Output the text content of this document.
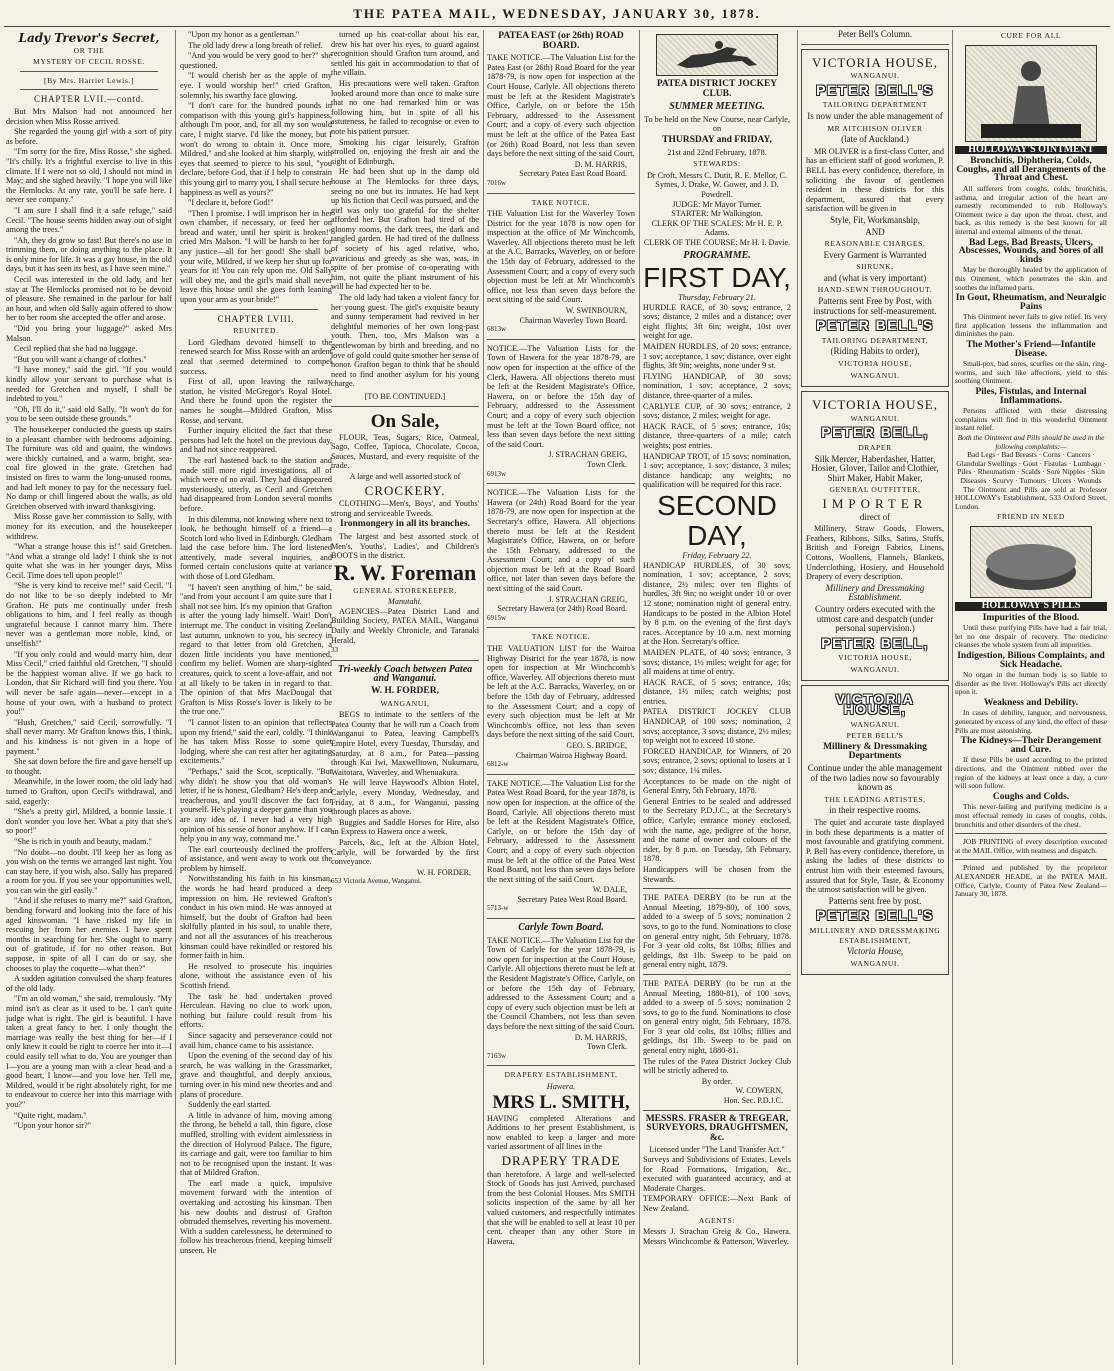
THE PATEA MAIL, WEDNESDAY, JANUARY 30, 1878.
Lady Trevor's Secret,
OR THE
MYSTERY OF CECIL ROSSE.
[By Mrs. Harriet Lewis.]
CHAPTER LVII.—contd.

But Mrs Malson had not announced her decision when Miss Rosse arrived.

She regarded the young girl with a sort of pity as before.

"I'm sorry for the fire, Miss Rosse," she sighed. "It's chilly. It's a frightful exercise to live in this climate. If I were not so old, I should not mind in May; and she sighed heavily. "I hope you will like the Hemlocks. At any rate, you'll be safe here. I never see company."

"I am sure I shall find it a safe refuge," said Cecil. "The house seems hidden away out of sight among the trees."

"Ah, they do grow so fast! But there's no use in trimming them, or doing anything to the place. It is only mine for life. It was a gay house, in the old days, but it has seen its best, as I have seen mine."

Cecil was interested in the old lady, and her stay at The Hemlocks promised not to be devoid of pleasure. She remained in the parlour for half an hour, and when old Sally again offered to show her to her room she accepted the offer and arose.

"Did you bring your luggage?" asked Mrs Malson.

Cecil replied that she had no luggage.

"But you will want a change of clothes."

"I have money," said the girl. "If you would kindly allow your servant to purchase what is needed for Gretchen and myself, I shall be indebted to you."

"Oh, I'll do it," said old Sally. "It won't do for you to be seen outside these grounds."

The housekeeper conducted the guests up stairs to a pleasant chamber with bedrooms adjoining. The furniture was old and quaint, the windows were thickly curtained, and a warm, bright, sea-coal fire glowed in the grate. Gretchen had insisted on fires to warm the long-unused rooms, and had left money to pay for the necessary fuel. No damp or chill lingered about the walls, as old Gretchen observed with inward thanksgiving.

Miss Rosse gave her commission to Sally, with money for its execution, and the housekeeper withdrew.

"What a strange house this is!" said Gretchen. "And what a strange old lady! I think she is not quite what she was in her younger days, Miss Cecil. Time does tell upon people!"

"She is very kind to receive me!" said Cecil. "I do not like to be so deeply indebted to Mr Grafton. He puts me continually under fresh obligations to him, and I feel really as though ungrateful because I cannot marry him. There never was a gentleman more noble, kind, or unselfish!"

"If you only could and would marry him, dear Miss Cecil," cried faithful old Gretchen, "I should be the happiest woman alive. If we go back to London, that Sir Richard will find you there. You will never be safe again—never—except in a house of your own, with a husband to protect you!"

"Hush, Gretchen," said Cecil, sorrowfully. "I shall never marry. Mr Grafton knows this, I think, and his kindness is not given in a hope of payment."

She sat down before the fire and gave herself up to thought.

Meanwhile, in the lower room, the old lady had turned to Grafton, upon Cecil's withdrawal, and said, eagerly:

"She's a pretty girl, Mildred, a bonnie lassie. I don't wonder you love her. What a pity that she's so poor!"

"She is rich in youth and beauty, madam."

"No doubt—no doubt. I'll keep her as long as you wish on the terms we arranged last night. You can stay here, if you wish, also. Sally has prepared a room for you. If you see your opportunities well, you can win the girl easily."

"And if she refuses to marry me?" said Grafton, bending forward and looking into the face of his aged kinswoman. "I have risked my life in rescuing her from her enemies. I have spent months in searching for her. She ought to marry out of gratitude, if for no other reason. But suppose, in spite of all I can do or say, she chooses to play the coquette—what then?"

A sudden agitation convulsed the sharp features of the old lady.

"I'm an old woman," she said, tremulously. "My mind isn't as clear as it used to be. I can't quite judge what is right. The girl is beautiful. I have taken a great fancy to her. I only thought the marriage was really the best thing for her—if I only knew it could be right to coerce her into it—I could easily tell what to do. You are younger than I—you are a young man with a clear head and a good heart, I know—and you love her. Tell me, Mildred, would it be right absolutely right, for me to endeavour to coerce her into this marriage with you?"

"Quite right, madam."

"Upon your honor sir?"

"Upon my honor as a gentleman."

The old lady drew a long breath of relief.

"And you would be very good to her?" she questioned.

"I would cherish her as the apple of my eye. I would worship her!" cried Grafton, solemnly, his swarthy face glowing.

"I don't care for the hundred pounds in comparison with this young girl's happiness, although I'm poor, and, for all my son would care, I might starve. I'd like the money, but I won't do wrong to obtain it. Once more, Mildred," and she looked at him sharply, with eyes that seemed to pierce to his soul, "you declare, before God, that if I help to constrain this young girl to marry you, I shall secure her happiness as well as yours?"

"I declare it, before God!"

"Then I promise. I will imprison her in her own chamber, if necessary, or feed her on bread and water, until her spirit is broken!" cried Mrs Malson. "I will be harsh to her for any justice—all for her good! She shall be your wife, Mildred, if we keep her shut up for years for it! You can rely upon me. Old Sally will obey me, and the girl's maid shall never leave this house until she goes forth leaning upon your arm as your bride!"

CHAPTER LVIII.
REUNITED.

Lord Gledham devoted himself to the renewed search for Miss Rosse with an ardent zeal that seemed determined to compel success.

First of all, upon leaving the railway station, he visited McGregor's Royal Hotel. And there he found upon the register the names he sought—Mildred Grafton, Miss Rosse, and servant.

Further inquiry elicited the fact that these persons had left the hotel on the previous day, and had not since reappeared.

The earl hastened back to the station and made still more rigid investigations, all of which were of no avail. They had disappeared mysteriously, utterly, as Cecil and Gretchen had disappeared from London several months before.

In this dilemma, not knowing where next to look, he bethought himself of a friend—a Scotch lord who lived in Edinburgh. Gledham laid the case before him. The lord listened attentively, made several inquiries, and formed certain conclusions quite at variance with those of Lord Gledham.

"I haven't seen anything of him," he said, "and from your account I am quite sure that I shall not see him. It's my opinion that Grafton is after the young lady himself. Wait! Don't interrupt me. The conduct in visiting Zeeland last autumn, unknown to you, his secrecy in regard to that letter from old Gretchen, a dozen little incidents you have mentioned, confirm my belief. Women are sharp-sighted creatures, quick to scent a love-affair, and not at all likely to be taken in in regard to that. The opinion of that Mrs MacDougal that Grafton is Miss Rosse's lover is likely to be the true one."

"I cannot listen to an opinion that reflects upon my friend," said the earl, coldly. "I think he has taken Miss Rosse to some quiet lodging, where she can rest after her agitating excitements."

"Perhaps," said the Scot, sceptically. "But why didn't he show you that old woman's letter, if he is honest, Gledham? He's deep and treacherous, and you'll discover the fact for yourself. He's playing a deeper game than you are any idea of. I never had a very high opinion of his sense of honor anyhow. If I can help you in any way, command me."

The earl courteously declined the proffers of assistance, and went away to work out the problem by himself.

Notwithstanding his faith in his kinsman, the words he had heard produced a deep impression on him. He reviewed Grafton's conduct in his own mind. He was annoyed at himself, but the doubt of Grafton had been skilfully planted in his soul, to unable there, and not all the assurances of his treacherous kinsman could have rekindled or restored his former faith in him.

He resolved to prosecute his inquiries alone, without the assistance even of his Scottish friend.

The task he had undertaken proved Herculean. Having no clue to work upon, nothing but failure could result from his efforts.

Since sagacity and perseverance could not avail him, chance came to his assistance.

Upon the evening of the second day of his search, he was walking in the Grassmarket, grave and thoughtful, and deeply anxious, turning over in his mind new theories and and plans of procedure.

Suddenly the earl started.

A little in advance of him, moving among the throng, he beheld a tall, thin figure, close muffled, strolling with evident aimlessness in the direction of Holyrood Palace. The figure, its carriage and gait, were too familiar to him not to be recognised upon the instant. It was that of Mildred Grafton.

The earl made a quick, impulsive movement forward with the intention of overtaking and accosting his kinsman. Then his new doubts and distrust of Grafton obtruded themselves, reverting his movement. With a sudden carelessness, he determined to follow his treacherous friend, keeping himself unseen. He

turned up his coat-collar about his ear, drew his hat over his eyes, to guard against recognition should Grafton turn around, and settled his gait in accommodation to that of the villain.

His precautions were well taken. Grafton looked around more than once to make sure that no one had remarked him or was following him, but in spite of all his astuteness, he failed to recognise or even to note his patient pursuer.

Smoking his cigar leisurely, Grafton strolled on, enjoying the fresh air and the sight of Edinburgh.

He had been shut up in the damp old house at The Hemlocks for three days, seeing no one but its inmates. He had kept up his fiction that Cecil was pursued, and the girl was only too grateful for the shelter afforded her. But Grafton had tired of the gloomy rooms, the dark trees, the dark and tangled garden. He had tired of the dullness of society of his aged relative, who, avaricious and greedy as she was, was, in spite of her promise of co-operating with him, not quite the pliant instrument of his will he had expected her to be.

The old lady had taken a violent fancy for her young guest. The girl's exquisite beauty and sunny temperament had revived in her delightful memories of her own long-past youth. Then, too, Mrs Malson was a gentlewoman by birth and breeding, and no love of gold could quite smother her sense of honor. Grafton began to think that he should need to find another asylum for his young charge.

[TO BE CONTINUED.]
On Sale,

FLOUR, Teas, Sugars, Rice, Oatmeal, Sago, Coffee, Tapioca, Chocolate, Cocoa, Sauces, Mustard, and every requisite of the trade.

A large and well assorted stock of
CROCKERY.

CLOTHING—Men's, Boys', and Youths' strong and serviceable Tweeds.

Ironmongery in all its branches.

The largest and best assorted stock of Men's, Youths', Ladies', and Children's BOOTS in the district.

R. W. Foreman
GENERAL STOREKEEPER,
Manutahi.

AGENCIES—Patea District Land and Building Society, PATEA MAIL, Wanganui Daily and Weekly Chronicle, and Taranaki Herald.

33
Tri-weekly Coach between Patea and Wanganui.
W. H. FORDER,
WANGANUI,

BEGS to intimate to the settlers of the Patea County that he will run a Coach from Wanganui to Patea, leaving Campbell's Empire Hotel, every Tuesday, Thursday, and Saturday, at 8 a.m., for Patea—passing through Kai Iwi, Maxwelltown, Nukumaru, Waitotara, Waverley, and Whenuakura.

He will leave Haywood's Albion Hotel, Carlyle, every Monday, Wednesday, and Friday, at 8 a.m., for Wanganui, passing through places as above.

Buggies and Saddle Horses for Hire, also an Express to Hawera once a week.

Parcels, &c., left at the Albion Hotel, Carlyle, will be forwarded by the first conveyance.

W. H. FORDER,
653 Victoria Avenue, Wanganui.
PATEA EAST (or 26th) ROAD BOARD.

TAKE NOTICE.—The Valuation List for the Patea East (or 26th) Road Board for the year 1878-79, is now open for inspection at the Court House, Carlyle. All objections thereto must be left at the Resident Magistrate's Office, Carlyle, on or before the 15th February, addressed to the Assessment Court; and a copy of every such objection must be left at the office of the Patea East (or 26th) Road Board, not less than seven days before the next sitting of the said Court.

D. M. HARRIS,
Secretary Patea East Road Board.
7016w
TAKE NOTICE.

THE Valuation List for the Waverley Town District for the year 1878 is now open for inspection at the office of Mr Winchcomb, Waverley. All objections thereto must be left at the A.C. Barracks, Waverley, on or before the 15th day of February, addressed to the Assessment Court; and a copy of every such objection must be left at Mr Winchcomb's office, not less than seven days before the next sitting of the said Court.

W. SWINBOURN,
Chairman Waverley Town Board.
6813w

NOTICE.—The Valuation Lists for the Town of Hawera for the year 1878-79, are now open for inspection at the office of the Clerk, Hawera. All objections thereto must be left at the Resident Magistrate's Office, Hawera, on or before the 15th day of February, addressed to the Assessment Court; and a copy of every such objection must be left at the Town Board office, not less than seven days before the next sitting of the said Court.

J. STRACHAN GREIG,
Town Clerk.
6913w

NOTICE.—The Valuation Lists for the Hawera (or 24th) Road Board for the year 1878-79, are now open for inspection at the Secretary's office, Hawera. All objections thereto must be left at the Resident Magistrate's Office, Hawera, on or before the 15th February, addressed to the Assessment Court; and a copy of such objection must be left at the Road Board office, not later than seven days before the next sitting of the said Court.

J. STRACHAN GREIG,
Secretary Hawera (or 24th) Road Board.
6915w
TAKE NOTICE.

THE VALUATION LIST for the Wairoa Highway District for the year 1878, is now open for inspection at Mr Winchcomb's office, Waverley. All objections thereto must be left at the A.C. Barracks, Waverley, on or before the 15th day of February, addressed to the Assessment Court; and a copy of every such objection must be left at Mr Winchcomb's office, not less than seven days before the next sitting of the said Court.

GEO. S. BRIDGE,
Chairman Wairoa Highway Board.
6812-w

TAKE NOTICE.—The Valuation List for the Patea West Road Board, for the year 1878, is now open for inspection, at the office of the Board, Carlyle. All objections thereto must be left at the Resident Magistrate's Office, Carlyle, on or before the 15th day of February, addressed to the Assessment Court; and a copy of every such objection must be left at the office of the Patea West Road Board, not less than seven days before the next sitting of the said Court.

W. DALE,
Secretary Patea West Road Board.
5713-w
Carlyle Town Board.

TAKE NOTICE.—The Valuation List for the Town of Carlyle for the year 1878-79, is now open for inspection at the Court House, Carlyle. All objections thereto must be left at the Resident Magistrate's Office, Carlyle, on or before the 15th day of February, addressed to the Assessment Court; and a copy of every such objection must be left at the Council Chambers, not less than seven days before the next sitting of the said Court.

D. M. HARRIS,
Town Clerk.
7163w
DRAPERY ESTABLISHMENT,
Hawera.
MRS L. SMITH,

HAVING completed Alterations and Additions to her present Establishment, is now enabled to keep a larger and more varied assortment of all lines in the

DRAPERY TRADE

than heretofore. A large and well-selected Stock of Goods has just Arrived, purchased from the best Colonial Houses. Mrs SMITH solicits inspection of the same by all her valued customers, and respectfully intimates that she will be enabled to sell at least 10 per cent. cheaper than any other Store in Hawera.

PATEA DISTRICT JOCKEY CLUB.
SUMMER MEETING.
To be held on the New Course, near Carlyle, on
THURSDAY and FRIDAY,
21st and 22nd February, 1878.
STEWARDS:
Dr Croft, Messrs C. Dutit, R. E. Mellor, C. Symes, J. Drake, W. Gower, and J. D. Powdrell.
JUDGE: Mr Mayor Turner.
STARTER: Mr Walkington.
CLERK OF THE SCALES: Mr H. E. P. Adams.
CLERK OF THE COURSE: Mr H. I. Davie.
PROGRAMME.
FIRST DAY,
Thursday, February 21.

HURDLE RACE, of 30 sovs; entrance, 2 sovs; distance, 2 miles and a distance; over eight flights, 3ft 6in; weight, 10st over weight for age.

MAIDEN HURDLES, of 20 sovs; entrance, 1 sov; acceptance, 1 sov; distance, over eight flights, 3ft 9in; weights, none under 9 st.

FLYING HANDICAP, of 30 sovs; nomination, 1 sov; acceptance, 2 sovs; distance, three-quarter of a miles.

CARLYLE CUP, of 30 sovs; entrance, 2 sovs; distance, 2 miles; weight for age.

HACK RACE, of 5 sovs; entrance, 10s; distance, three-quarters of a mile; catch weights; post entries.

HANDICAP TROT, of 15 sovs; nomination, 1 sov; acceptance, 1 sov; distance, 3 miles; distance handicap; any weights; no qualification will be required for this race.

SECOND DAY,
Friday, February 22.

HANDICAP HURDLES, of 30 sovs; nomination, 1 sov; acceptance, 2 sovs; distance, 2½ miles; over ten flights of hurdles, 3ft 9in; no weight under 10 or over 12 stone; nomination night of general entry. Handicaps to be posted in the Albion Hotel by 8 p.m. on the evening of the first day's races. Acceptance by 10 a.m. next morning at the Hon. Secretary's office.

MAIDEN PLATE, of 40 sovs; entrance, 3 sovs; distance, 1½ miles; weight for age; for all maidens at time of entry.

HACK RACE, of 5 sovs; entrance, 10s; distance, 1½ miles; catch weights; post entries.

PATEA DISTRICT JOCKEY CLUB HANDICAP, of 100 sovs; nomination, 2 sovs; acceptance, 3 sovs; distance, 2½ miles; top weight not to exceed 10 stone.

FORCED HANDICAP, for Winners, of 20 sovs; entrance, 2 sovs; optional to losers at 1 sov; distance, 1¼ miles.

Acceptances to be made on the night of General Entry, 5th February, 1878.

General Entries to be sealed and addressed to the Secretary P.D.J.C., at the Secretary's office, Carlyle; entrance money enclosed, with the name, age, pedigree of the horse, and the name of owner and colours of the rider, by 8 p.m. on Tuesday, 5th February, 1878.

Handicappers will be chosen from the Stewards.

THE PATEA DERBY (to be run at the Annual Meeting, 1879-80), of 100 sovs, added to a sweep of 5 sovs; nomination 2 sovs, to go to the fund. Nominations to close on general entry night, 5th February, 1878. For 3 year old colts, 8st 10lbs; fillies and geldings, 8st 1lb. Sweep to be paid on general entry night, 1879.

THE PATEA DERBY (to be run at the Annual Meeting, 1880-81), of 100 sovs, added to a sweep of 5 sovs; nomination 2 sovs, to go to the fund. Nominations to close on general entry night, 5th February, 1878. For 3 year old colts, 8st 10lbs; fillies and geldings, 8st 1lb. Sweep to be paid on general entry night, 1880-81.

The rules of the Patea District Jockey Club will be strictly adhered to.

By order.
W. COWERN,
Hon. Sec. P.D.J.C.
MESSRS. FRASER & TREGEAR, SURVEYORS, DRAUGHTSMEN, &c.
Licensed under "The Land Transfer Act."

Surveys and Subdivisions of Estates. Levels for Road Formations, Irrigation, &c., executed with guaranteed accuracy, and at Moderate Charges.

TEMPORARY OFFICE:—Next Bank of New Zealand.

AGENTS:

Messrs J. Strachan Greig & Co., Hawera. Messrs Winchcombe & Patterson, Waverley.

Peter Bell's Column.
VICTORIA HOUSE,
WANGANUI.
PETER BELL'S
TAILORING DEPARTMENT
Is now under the able management of
MR AITCHISON OLIVER
(late of Auckland.)

MR OLIVER is a first-class Cutter, and has an efficient staff of good workmen, P. BELL has every confidence, therefore, in soliciting the favour of gentlemen resident in these districts for this department, assured that every satisfaction will be given in

Style, Fit, Workmanship,
AND
REASONABLE CHARGES.
Every Garment is Warranted
SHRUNK,
and (what is very important)
HAND-SEWN THROUGHOUT.
Patterns sent Free by Post, with instructions for self-measurement.
PETER BELL'S
TAILORING DEPARTMENT,
(Riding Habits to order),
VICTORIA HOUSE,
WANGANUI.
VICTORIA HOUSE,
WANGANUI.
PETER BELL,
DRAPER
Silk Mercer, Haberdasher, Hatter, Hosier, Glover, Tailor and Clothier, Shirt Maker, Habit Maker,
GENERAL OUTFITTER,
IMPORTER
direct of

Millinery, Straw Goods, Flowers, Feathers, Ribbons, Silks, Satins, Stuffs, British and Foreign Fabrics, Linens, Cottons, Woollens, Flannels, Blankets, Underclothing, Hosiery, and Household Drapery of every description.

Millinery and Dressmaking Establishment.
Country orders executed with the utmost care and despatch (under personal supervision.)
PETER BELL,
VICTORIA HOUSE,
WANGANUI.
VICTORIA HOUSE,
WANGANUI.
PETER BELL'S
Millinery & Dressmaking Departments
Continue under the able management of the two ladies now so favourably known as
THE LEADING ARTISTES,
in their respective rooms.

The quiet and accurate taste displayed in both these departments is a matter of most favourable and gratifying comment. P. Bell has every confidence, therefore, in asking the ladies of these districts to entrust him with their esteemed favours, assured that for Style, Taste, & Economy the utmost satisfaction will be given.

Patterns sent free by post.
PETER BELL'S
MILLINERY AND DRESSMAKING ESTABLISHMENT,
Victoria House,
WANGANUI.
CURE FOR ALL
HOLLOWAY'S OINTMENT
Bronchitis, Diphtheria, Colds, Coughs, and all Derangements of the Throat and Chest.

All sufferers from coughs, colds, bronchitis, asthma, and irregular action of the heart are earnestly recommended to rub Holloway's Ointment twice a day upon the throat, chest, and back, as this remedy is the best known for all internal and external ailments of the throat.

Bad Legs, Bad Breasts, Ulcers, Abscesses, Wounds, and Sores of all kinds

May be thoroughly healed by the application of this Ointment, which penetrates the skin and soothes the inflamed parts.

In Gout, Rheumatism, and Neuralgic Pains

This Ointment never fails to give relief. Its very first application lessens the inflammation and diminishes the pain.

The Mother's Friend—Infantile Disease.

Small-pox, bad sores, scurfies on the skin, ring-worms, and such like affections, yield to this soothing Ointment.

Piles, Fistulas, and Internal Inflammations.

Persons afflicted with these distressing complaints will find in this wonderful Ointment instant relief.

Both the Ointment and Pills should be used in the following complaints:—
Bad Legs · Bad Breasts · Corns · Cancers · Glandular Swellings · Gout · Fistulas · Lumbago · Piles · Rheumatism · Scalds · Sore Nipples · Skin Diseases · Scurvy · Tumours · Ulcers · Wounds

The Ointment and Pills are sold at Professor HOLLOWAY's Establishment, 533 Oxford Street, London.

FRIEND IN NEED
HOLLOWAY'S PILLS
Impurities of the Blood.

Until these purifying Pills have had a fair trial, let no one despair of recovery. The medicine cleanses the whole system from all impurities.

Indigestion, Bilious Complaints, and Sick Headache.

No organ in the human body is so liable to disorder as the liver. Holloway's Pills act directly upon it.

Weakness and Debility.

In cases of debility, languor, and nervousness, generated by excess of any kind, the effect of these Pills are most astonishing.

The Kidneys—Their Derangement and Cure.

If these Pills be used according to the printed directions, and the Ointment rubbed over the region of the kidneys at least once a day, a cure will soon follow.

Coughs and Colds.

This never-failing and purifying medicine is a most effectual remedy in cases of coughs, colds, bronchitis and other disorders of the chest.

JOB PRINTING of every description executed at the MAIL Office, with neatness and dispatch.

Printed and published by the proprietor ALEXANDER HEADE, at the PATEA MAIL Office, Carlyle, County of Patea New Zealand—January 30, 1878.
